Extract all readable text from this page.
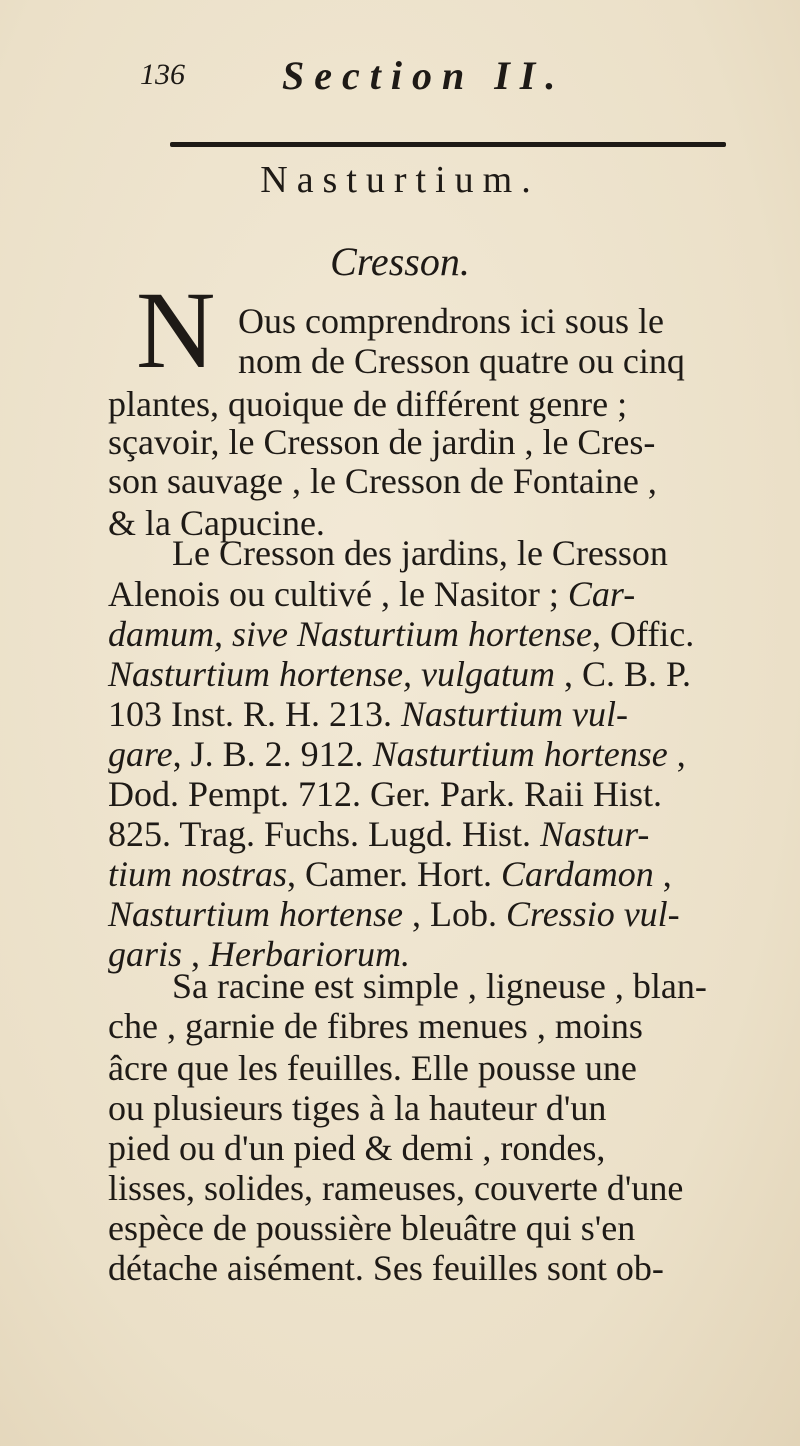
136 Section II.
Nasturtium.
Cresson.
N Ous comprendrons ici sous le
nom de Cresson quatre ou cinq
plantes, quoique de différent genre ;
sçavoir, le Cresson de jardin , le Cres-
son sauvage , le Cresson de Fontaine ,
& la Capucine.
Le Cresson des jardins, le Cresson
Alenois ou cultivé , le Nasitor ; Car-
damum, sive Nasturtium hortense, Offic.
Nasturtium hortense, vulgatum , C. B. P.
103 Inst. R. H. 213. Nasturtium vul-
gare, J. B. 2. 912. Nasturtium hortense ,
Dod. Pempt. 712. Ger. Park. Raii Hist.
825. Trag. Fuchs. Lugd. Hist. Nastur-
tium nostras, Camer. Hort. Cardamon ,
Nasturtium hortense , Lob. Cressio vul-
garis , Herbariorum.
Sa racine est simple , ligneuse , blan-
che , garnie de fibres menues , moins
âcre que les feuilles. Elle pousse une
ou plusieurs tiges à la hauteur d'un
pied ou d'un pied & demi , rondes,
lisses, solides, rameuses, couverte d'une
espèce de poussière bleuâtre qui s'en
détache aisément. Ses feuilles sont ob-
